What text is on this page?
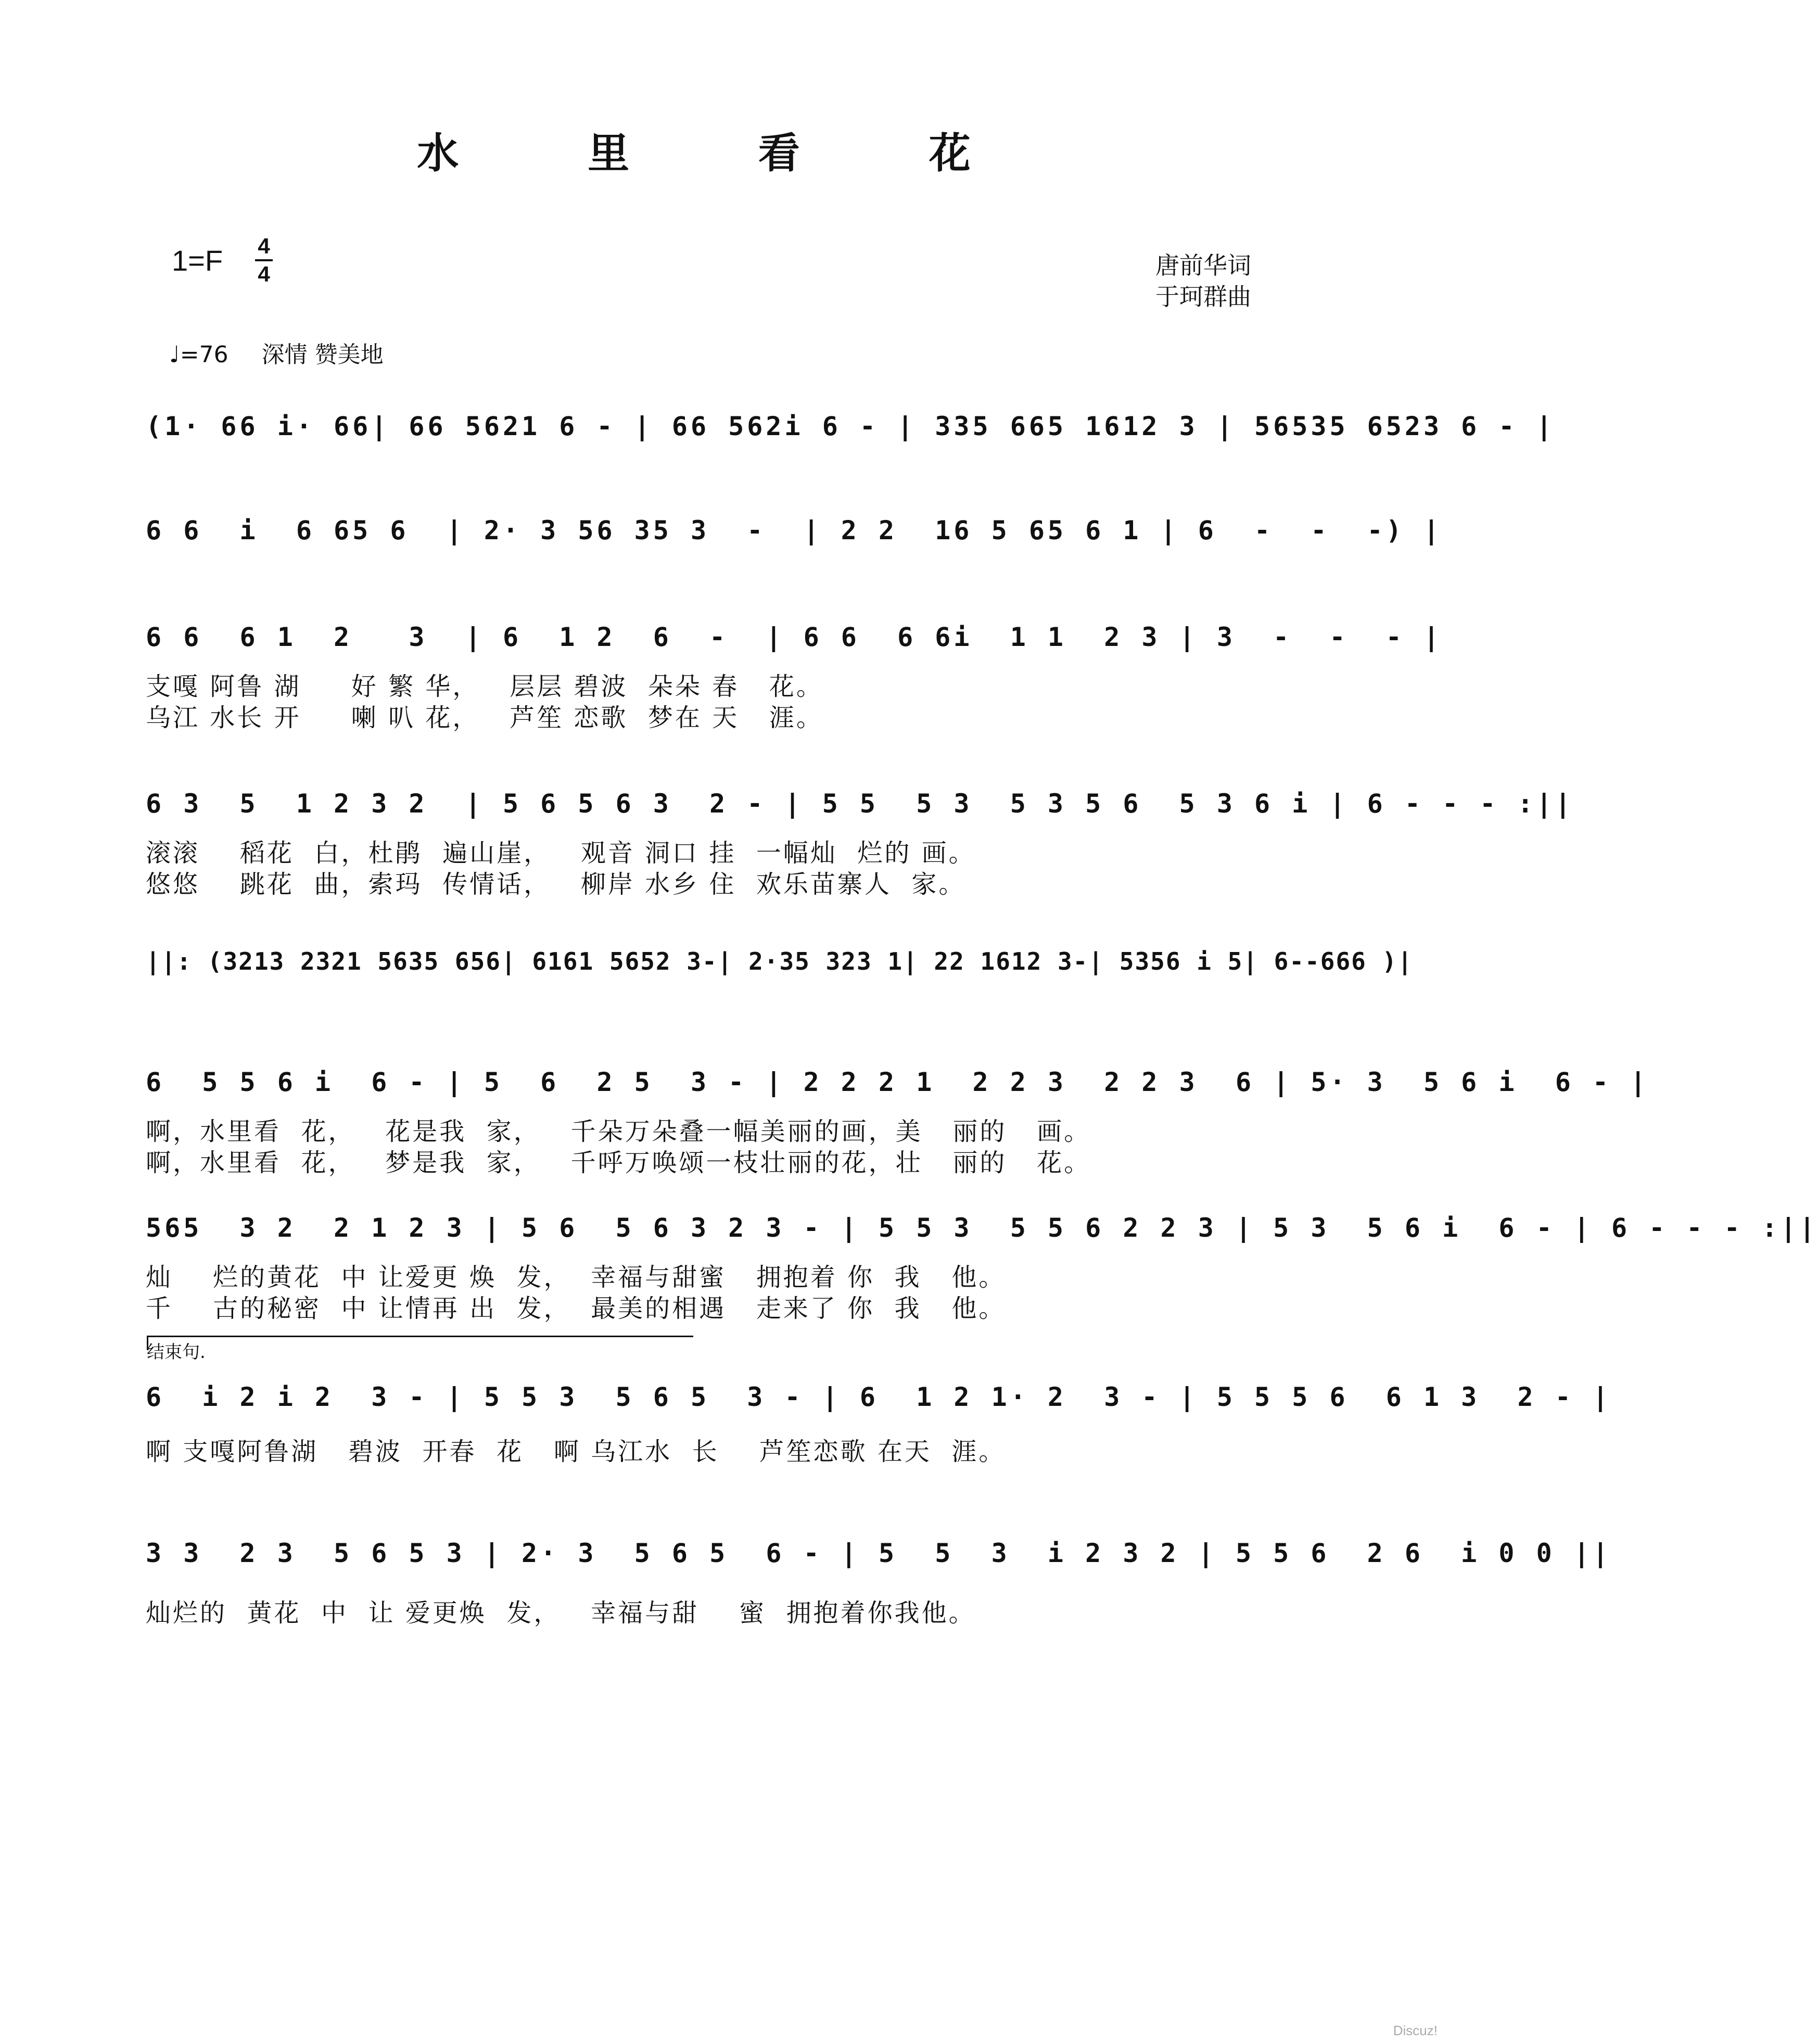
水 里 看 花
1=F 4
4	唐前华词
于珂群曲
♩=76 深情 赞美地
(1· 66 i· 66| 66 5621 6 - | 66 562i 6 - | 335 665 1612 3 | 56535 6523 6 - |
6 6  i  6 65 6  | 2· 3 56 35 3  -  | 2 2  16 5 65 6 1 | 6  -  -  -) |
6 6  6 1  2   3  | 6  1 2  6  -  | 6 6  6 6i  1 1  2 3 | 3  -  -  - |
支嘎 阿鲁 湖     好 繁 华，   层层 碧波  朵朵 春   花。
乌江 水长 开     喇 叭 花，   芦笙 恋歌  梦在 天   涯。
6 3  5  1 2 3 2  | 5 6 5 6 3  2 - | 5 5  5 3  5 3 5 6  5 3 6 i | 6 - - - :||
滚滚    稻花  白，杜鹃  遍山崖，   观音 洞口 挂  一幅灿  烂的 画。
悠悠    跳花  曲，索玛  传情话，   柳岸 水乡 住  欢乐苗寨人  家。
||: (3213 2321 5635 656| 6161 5652 3-| 2·35 323 1| 22 1612 3-| 5356 i 5| 6--666 )|
6  5 5 6 i  6 - | 5  6  2 5  3 - | 2 2 2 1  2 2 3  2 2 3  6 | 5· 3  5 6 i  6 - |
啊，水里看  花，   花是我  家，   千朵万朵叠一幅美丽的画，美   丽的   画。
啊，水里看  花，   梦是我  家，   千呼万唤颂一枝壮丽的花，壮   丽的   花。
565  3 2  2 1 2 3 | 5 6  5 6 3 2 3 - | 5 5 3  5 5 6 2 2 3 | 5 3  5 6 i  6 - | 6 - - - :||
灿    烂的黄花  中 让爱更 焕  发，  幸福与甜蜜   拥抱着 你  我   他。
千    古的秘密  中 让情再 出  发，  最美的相遇   走来了 你  我   他。
结束句.
6  i 2 i 2  3 - | 5 5 3  5 6 5  3 - | 6  1 2 1· 2  3 - | 5 5 5 6  6 1 3  2 - |
啊 支嘎阿鲁湖   碧波  开春  花   啊 乌江水  长    芦笙恋歌 在天  涯。
3 3  2 3  5 6 5 3 | 2· 3  5 6 5  6 - | 5  5  3  i 2 3 2 | 5 5 6  2 6  i 0 0 ||
灿烂的  黄花  中  让 爱更焕  发，   幸福与甜    蜜  拥抱着你我他。
Discuz!
